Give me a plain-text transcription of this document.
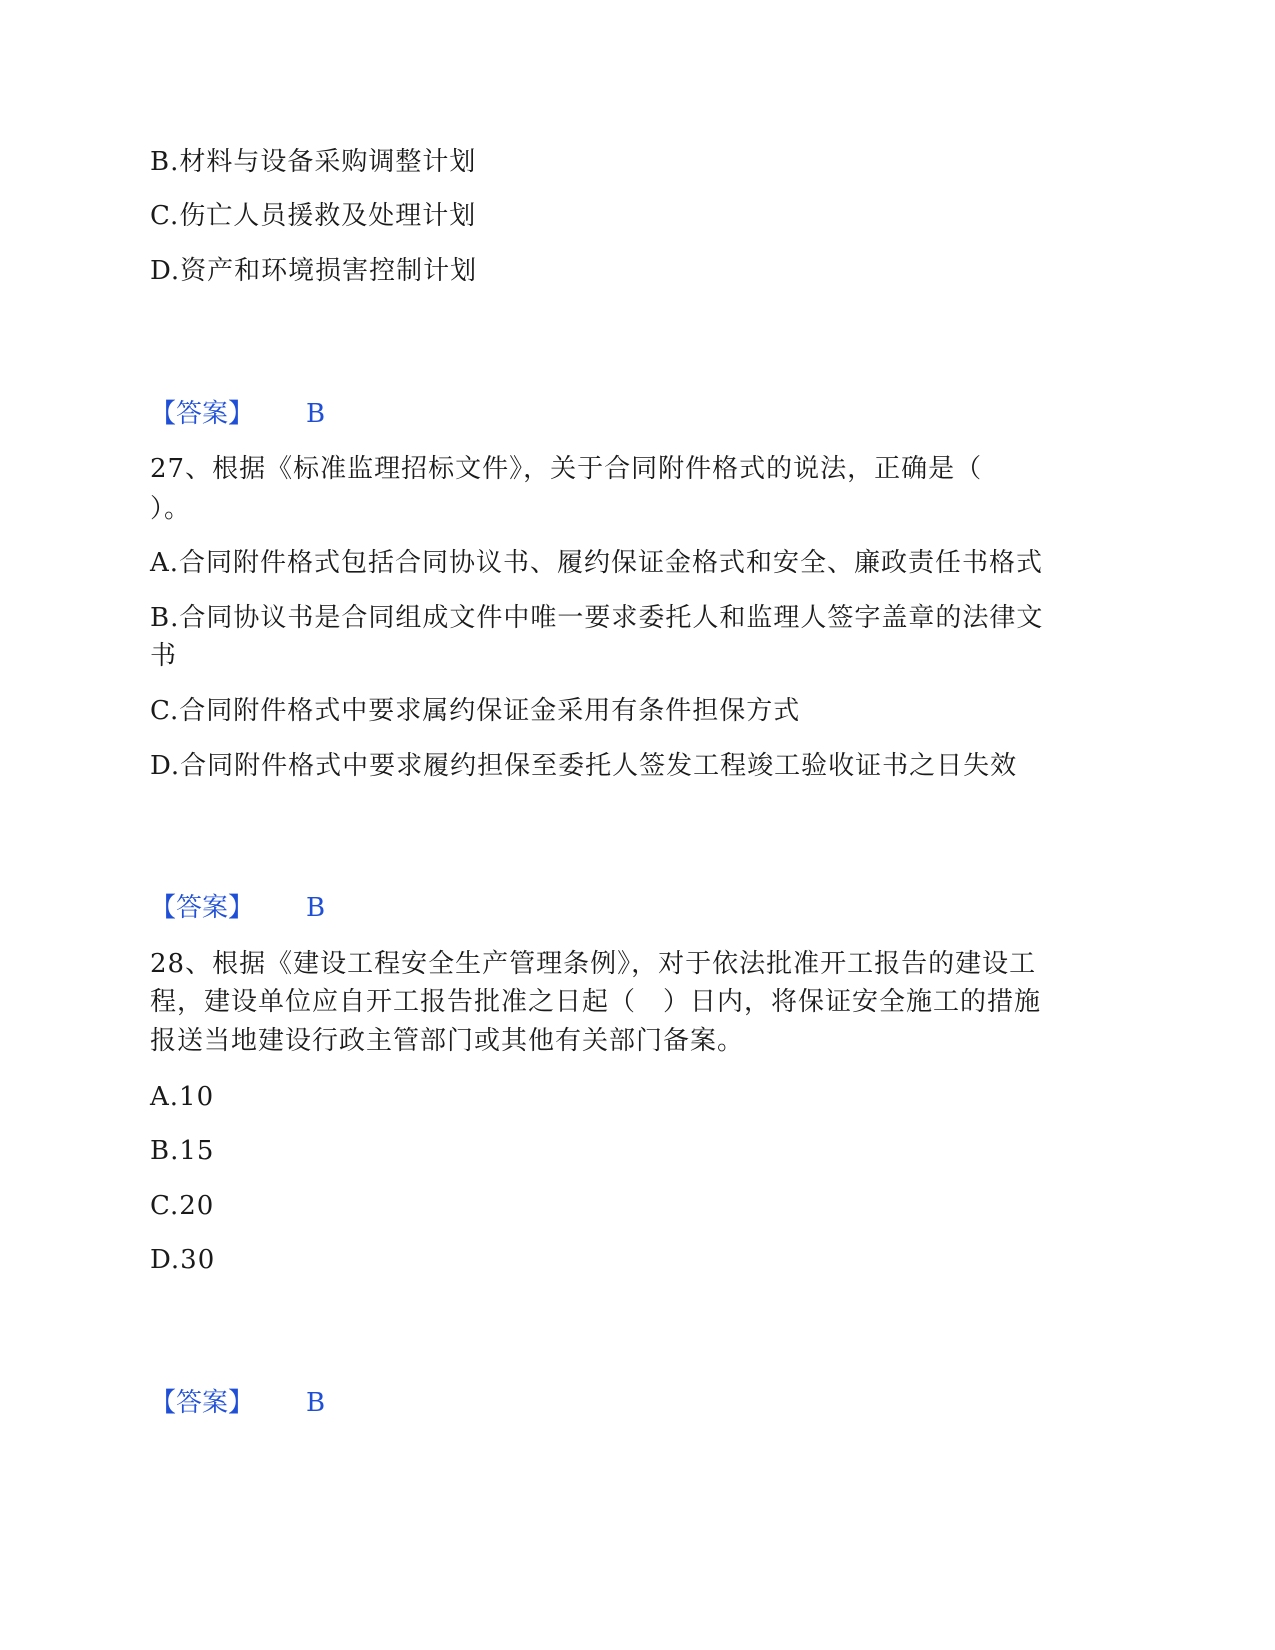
B.材料与设备采购调整计划
C.伤亡人员援救及处理计划
D.资产和环境损害控制计划
【答案】 B
27、根据《标准监理招标文件》，关于合同附件格式的说法，正确是（
）。
A.合同附件格式包括合同协议书、履约保证金格式和安全、廉政责任书格式
B.合同协议书是合同组成文件中唯一要求委托人和监理人签字盖章的法律文
书
C.合同附件格式中要求属约保证金采用有条件担保方式
D.合同附件格式中要求履约担保至委托人签发工程竣工验收证书之日失效
【答案】 B
28、根据《建设工程安全生产管理条例》，对于依法批准开工报告的建设工
程，建设单位应自开工报告批准之日起（　）日内，将保证安全施工的措施
报送当地建设行政主管部门或其他有关部门备案。
A.10
B.15
C.20
D.30
【答案】 B
